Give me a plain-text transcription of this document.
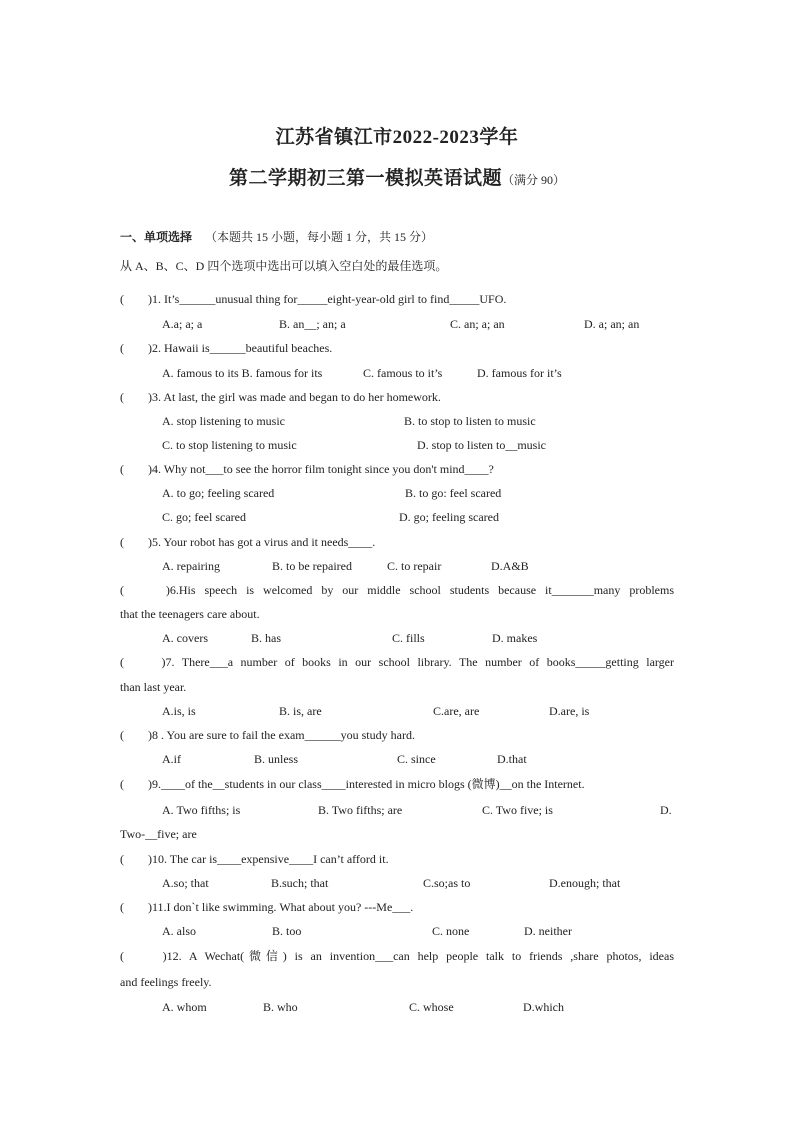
江苏省镇江市2022-2023学年
第二学期初三第一模拟英语试题（满分 90）
一、单项选择 （本题共 15 小题，每小题 1 分，共 15 分）
从 A、B、C、D 四个选项中选出可以填入空白处的最佳选项。
(　　)1. It’s______unusual thing for_____eight-year-old girl to find_____UFO.
A.a; a; a	B. an__; an; a	C. an; a; an	D. a; an; an
(　　)2. Hawaii is______beautiful beaches.
A. famous to its B. famous for its	C. famous to it’s	D. famous for it’s
(　　)3. At last, the girl was made and began to do her homework.
A. stop listening to music	B. to stop to listen to music
C. to stop listening to music	D. stop to listen to__music
(　　)4. Why not___to see the horror film tonight since you don't mind____?
A. to go; feeling scared	B. to go: feel scared
C. go; feel scared	D. go; feeling scared
(　　)5. Your robot has got a virus and it needs____.
A. repairing	B. to be repaired	C. to repair	D.A&B
(　　)6.His speech is welcomed by our middle school students because it_______many problems
that the teenagers care about.
A. covers	B. has	C. fills	D. makes
(　　)7. There___a number of books in our school library. The number of books_____getting larger
than last year.
A.is, is	B. is, are	C.are, are	D.are, is
(　　)8 . You are sure to fail the exam______you study hard.
A.if	B. unless	C. since	D.that
(　　)9.____of the__students in our class____interested in micro blogs (微博)__on the Internet.
A. Two fifths; is	B. Two fifths; are	C. Two five; is	D.
Two-__five; are
(　　)10. The car is____expensive____I can’t afford it.
A.so; that	B.such; that	C.so;as to	D.enough; that
(　　)11.I don`t like swimming. What about you? ---Me___.
A. also	B. too	C. none	D. neither
(　　)12. A Wechat(微信) is an invention___can help people talk to friends ,share photos, ideas
and feelings freely.
A. whom	B. who	C. whose	D.which
